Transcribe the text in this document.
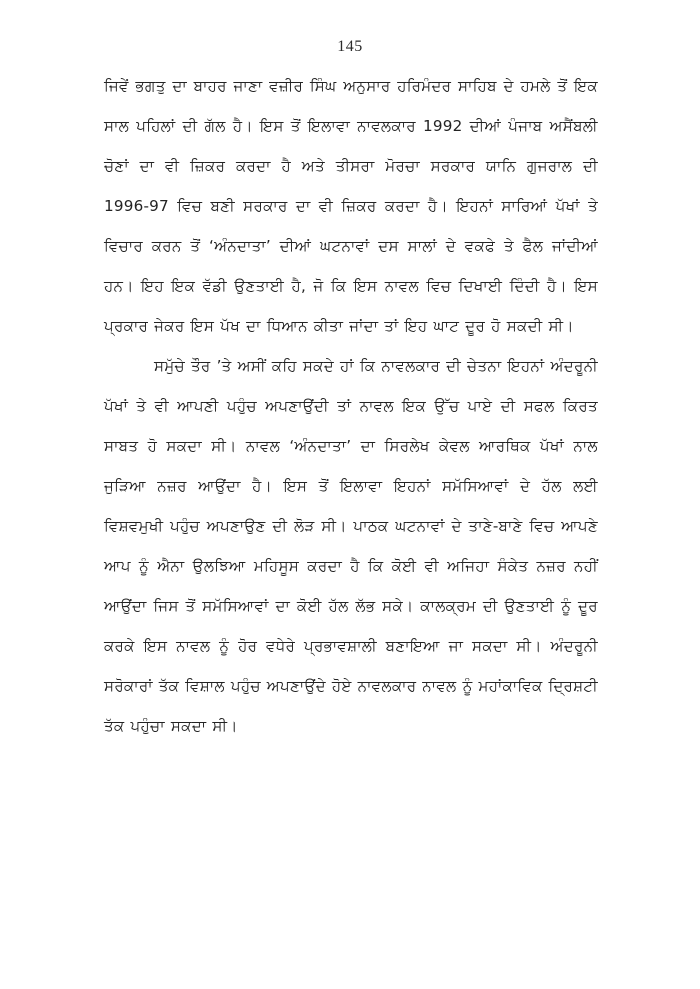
145
ਜਿਵੇਂ ਭਗਤੁ ਦਾ ਬਾਹਰ ਜਾਣਾ ਵਜ਼ੀਰ ਸਿੰਘ ਅਨੁਸਾਰ ਹਰਿਮੰਦਰ ਸਾਹਿਬ ਦੇ ਹਮਲੇ ਤੋਂ ਇਕ
ਸਾਲ ਪਹਿਲਾਂ ਦੀ ਗੱਲ ਹੈ। ਇਸ ਤੋਂ ਇਲਾਵਾ ਨਾਵਲਕਾਰ 1992 ਦੀਆਂ ਪੰਜਾਬ ਅਸੈਂਬਲੀ
ਚੋਣਾਂ ਦਾ ਵੀ ਜ਼ਿਕਰ ਕਰਦਾ ਹੈ ਅਤੇ ਤੀਸਰਾ ਮੋਰਚਾ ਸਰਕਾਰ ਯਾਨਿ ਗੁਜਰਾਲ ਦੀ
1996-97 ਵਿਚ ਬਣੀ ਸਰਕਾਰ ਦਾ ਵੀ ਜ਼ਿਕਰ ਕਰਦਾ ਹੈ। ਇਹਨਾਂ ਸਾਰਿਆਂ ਪੱਖਾਂ ਤੇ
ਵਿਚਾਰ ਕਰਨ ਤੋਂ ‘ਅੰਨਦਾਤਾ’ ਦੀਆਂ ਘਟਨਾਵਾਂ ਦਸ ਸਾਲਾਂ ਦੇ ਵਕਫੇ ਤੇ ਫੈਲ ਜਾਂਦੀਆਂ
ਹਨ। ਇਹ ਇਕ ਵੱਡੀ ਉਣਤਾਈ ਹੈ, ਜੋ ਕਿ ਇਸ ਨਾਵਲ ਵਿਚ ਦਿਖਾਈ ਦਿੰਦੀ ਹੈ। ਇਸ
ਪ੍ਰਕਾਰ ਜੇਕਰ ਇਸ ਪੱਖ ਦਾ ਧਿਆਨ ਕੀਤਾ ਜਾਂਦਾ ਤਾਂ ਇਹ ਘਾਟ ਦੂਰ ਹੋ ਸਕਦੀ ਸੀ।
ਸਮੁੱਚੇ ਤੌਰ ’ਤੇ ਅਸੀਂ ਕਹਿ ਸਕਦੇ ਹਾਂ ਕਿ ਨਾਵਲਕਾਰ ਦੀ ਚੇਤਨਾ ਇਹਨਾਂ ਅੰਦਰੂਨੀ
ਪੱਖਾਂ ਤੇ ਵੀ ਆਪਣੀ ਪਹੁੰਚ ਅਪਣਾਉਂਦੀ ਤਾਂ ਨਾਵਲ ਇਕ ਉੱਚ ਪਾਏ ਦੀ ਸਫਲ ਕਿਰਤ
ਸਾਬਤ ਹੋ ਸਕਦਾ ਸੀ। ਨਾਵਲ ‘ਅੰਨਦਾਤਾ’ ਦਾ ਸਿਰਲੇਖ ਕੇਵਲ ਆਰਥਿਕ ਪੱਖਾਂ ਨਾਲ
ਜੁੜਿਆ ਨਜ਼ਰ ਆਉਂਦਾ ਹੈ। ਇਸ ਤੋਂ ਇਲਾਵਾ ਇਹਨਾਂ ਸਮੱਸਿਆਵਾਂ ਦੇ ਹੱਲ ਲਈ
ਵਿਸ਼ਵਮੁਖੀ ਪਹੁੰਚ ਅਪਣਾਉਣ ਦੀ ਲੋੜ ਸੀ। ਪਾਠਕ ਘਟਨਾਵਾਂ ਦੇ ਤਾਣੇ-ਬਾਣੇ ਵਿਚ ਆਪਣੇ
ਆਪ ਨੂੰ ਐਨਾ ਉਲਝਿਆ ਮਹਿਸੂਸ ਕਰਦਾ ਹੈ ਕਿ ਕੋਈ ਵੀ ਅਜਿਹਾ ਸੰਕੇਤ ਨਜ਼ਰ ਨਹੀਂ
ਆਉਂਦਾ ਜਿਸ ਤੋਂ ਸਮੱਸਿਆਵਾਂ ਦਾ ਕੋਈ ਹੱਲ ਲੱਭ ਸਕੇ। ਕਾਲਕ੍ਰਮ ਦੀ ਉਣਤਾਈ ਨੂੰ ਦੂਰ
ਕਰਕੇ ਇਸ ਨਾਵਲ ਨੂੰ ਹੋਰ ਵਧੇਰੇ ਪ੍ਰਭਾਵਸ਼ਾਲੀ ਬਣਾਇਆ ਜਾ ਸਕਦਾ ਸੀ। ਅੰਦਰੂਨੀ
ਸਰੋਕਾਰਾਂ ਤੱਕ ਵਿਸ਼ਾਲ ਪਹੁੰਚ ਅਪਣਾਉਂਦੇ ਹੋਏ ਨਾਵਲਕਾਰ ਨਾਵਲ ਨੂੰ ਮਹਾਂਕਾਵਿਕ ਦ੍ਰਿਸ਼ਟੀ
ਤੱਕ ਪਹੁੰਚਾ ਸਕਦਾ ਸੀ।
